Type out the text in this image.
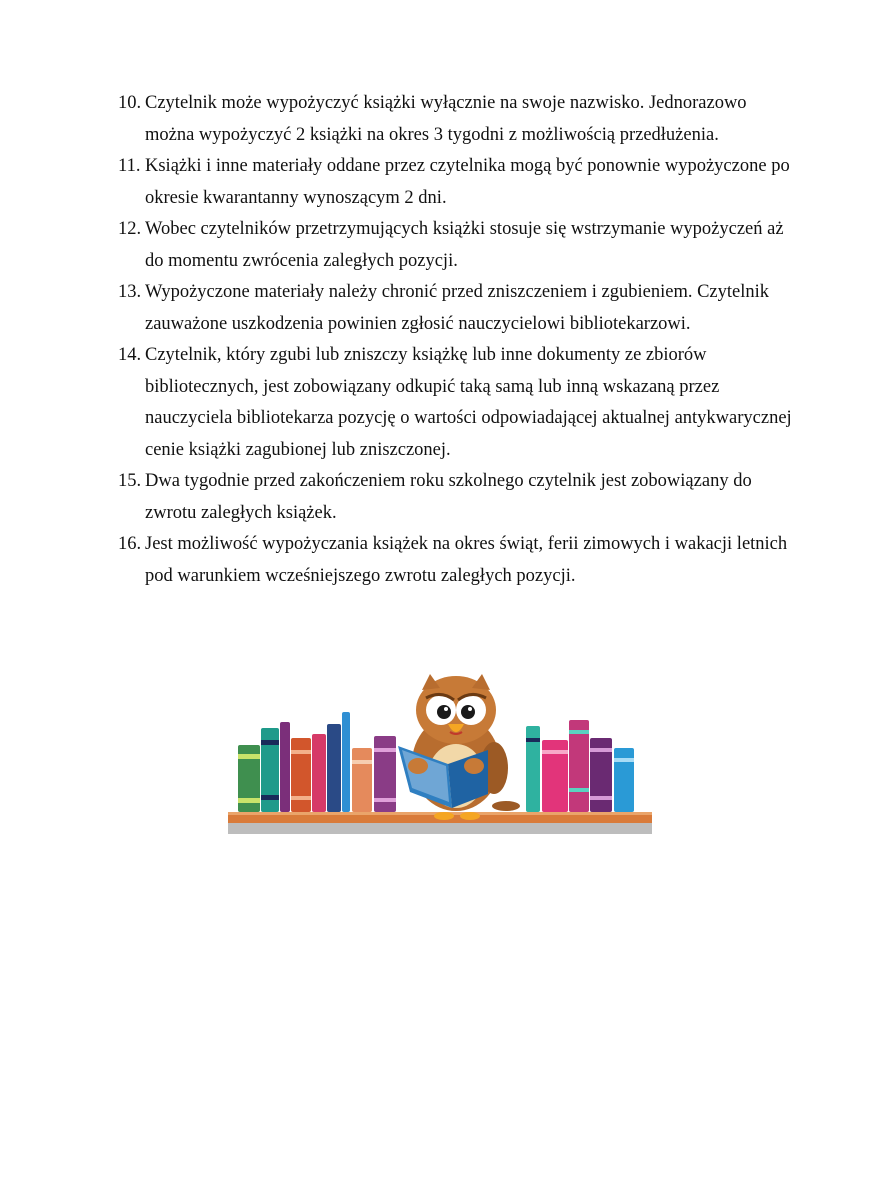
10. Czytelnik może wypożyczyć książki wyłącznie na swoje nazwisko. Jednorazowo można wypożyczyć 2 książki na okres 3 tygodni z możliwością przedłużenia.
11. Książki i inne materiały oddane przez czytelnika mogą być ponownie wypożyczone po okresie kwarantanny wynoszącym 2 dni.
12. Wobec czytelników przetrzymujących książki stosuje się wstrzymanie wypożyczeń aż do momentu zwrócenia zaległych pozycji.
13. Wypożyczone materiały należy chronić przed zniszczeniem i zgubieniem. Czytelnik zauważone uszkodzenia powinien zgłosić nauczycielowi bibliotekarzowi.
14. Czytelnik, który zgubi lub zniszczy książkę lub inne dokumenty ze zbiorów bibliotecznych, jest zobowiązany odkupić taką samą lub inną wskazaną przez nauczyciela bibliotekarza pozycję o wartości odpowiadającej aktualnej antykwarycznej cenie książki zagubionej lub zniszczonej.
15. Dwa tygodnie przed zakończeniem roku szkolnego czytelnik jest zobowiązany do zwrotu zaległych książek.
16. Jest możliwość wypożyczania książek na okres świąt, ferii zimowych i wakacji letnich pod warunkiem wcześniejszego zwrotu zaległych pozycji.
